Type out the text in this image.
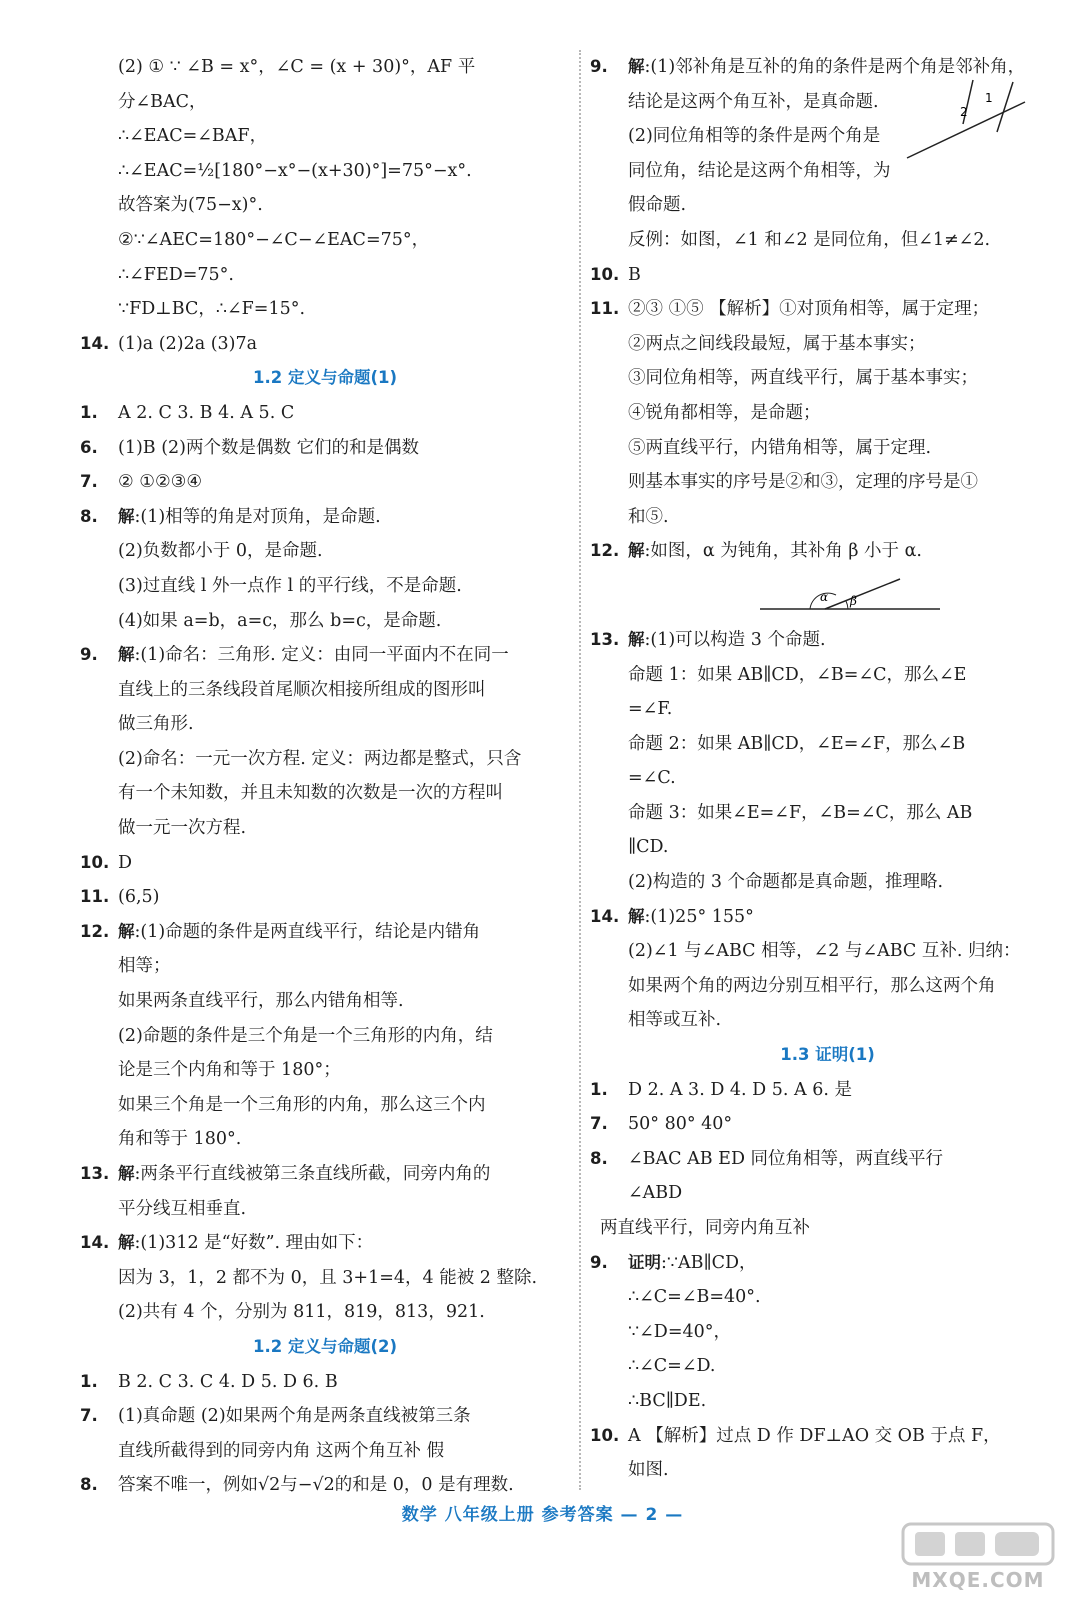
(2) ① ∵ ∠B = x°，∠C = (x + 30)°，AF 平
分∠BAC，
∴∠EAC=∠BAF，
∴∠EAC=½[180°−x°−(x+30)°]=75°−x°.
故答案为(75−x)°.
②∵∠AEC=180°−∠C−∠EAC=75°，
∴∠FED=75°.
∵FD⊥BC，∴∠F=15°.
14. (1)a (2)2a (3)7a
1.2 定义与命题(1)
1. A 2. C 3. B 4. A 5. C
6. (1)B (2)两个数是偶数 它们的和是偶数
7. ② ①②③④
8. 解:(1)相等的角是对顶角，是命题.
(2)负数都小于 0，是命题.
(3)过直线 l 外一点作 l 的平行线，不是命题.
(4)如果 a=b，a=c，那么 b=c，是命题.
9. 解:(1)命名：三角形. 定义：由同一平面内不在同一
直线上的三条线段首尾顺次相接所组成的图形叫
做三角形.
(2)命名：一元一次方程. 定义：两边都是整式，只含
有一个未知数，并且未知数的次数是一次的方程叫
做一元一次方程.
10. D
11. (6,5)
12. 解:(1)命题的条件是两直线平行，结论是内错角
相等；
如果两条直线平行，那么内错角相等.
(2)命题的条件是三个角是一个三角形的内角，结
论是三个内角和等于 180°；
如果三个角是一个三角形的内角，那么这三个内
角和等于 180°.
13. 解:两条平行直线被第三条直线所截，同旁内角的
平分线互相垂直.
14. 解:(1)312 是“好数”. 理由如下：
因为 3，1，2 都不为 0，且 3+1=4，4 能被 2 整除.
(2)共有 4 个，分别为 811，819，813，921.
1.2 定义与命题(2)
1. B 2. C 3. C 4. D 5. D 6. B
7. (1)真命题 (2)如果两个角是两条直线被第三条
直线所截得到的同旁内角 这两个角互补 假
8. 答案不唯一，例如√2与−√2的和是 0，0 是有理数.
9. 解:(1)邻补角是互补的角的条件是两个角是邻补角，
结论是这两个角互补，是真命题.
(2)同位角相等的条件是两个角是
同位角，结论是这两个角相等，为
假命题.
反例：如图，∠1 和∠2 是同位角，但∠1≠∠2.
10. B
11. ②③ ①⑤ 【解析】①对顶角相等，属于定理；
②两点之间线段最短，属于基本事实；
③同位角相等，两直线平行，属于基本事实；
④锐角都相等，是命题；
⑤两直线平行，内错角相等，属于定理.
则基本事实的序号是②和③，定理的序号是①
和⑤.
12. 解:如图，α 为钝角，其补角 β 小于 α.
α β
13. 解:(1)可以构造 3 个命题.
命题 1：如果 AB∥CD，∠B=∠C，那么∠E
=∠F.
命题 2：如果 AB∥CD，∠E=∠F，那么∠B
=∠C.
命题 3：如果∠E=∠F，∠B=∠C，那么 AB
∥CD.
(2)构造的 3 个命题都是真命题，推理略.
14. 解:(1)25° 155°
(2)∠1 与∠ABC 相等，∠2 与∠ABC 互补. 归纳：
如果两个角的两边分别互相平行，那么这两个角
相等或互补.
1.3 证明(1)
1. D 2. A 3. D 4. D 5. A 6. 是
7. 50° 80° 40°
8. ∠BAC AB ED 同位角相等，两直线平行
∠ABD
两直线平行，同旁内角互补
9. 证明:∵AB∥CD，
∴∠C=∠B=40°.
∵∠D=40°，
∴∠C=∠D.
∴BC∥DE.
10. A 【解析】过点 D 作 DF⊥AO 交 OB 于点 F，
如图.
2
1
数学 八年级上册 参考答案 — 2 —
MXQE.COM
